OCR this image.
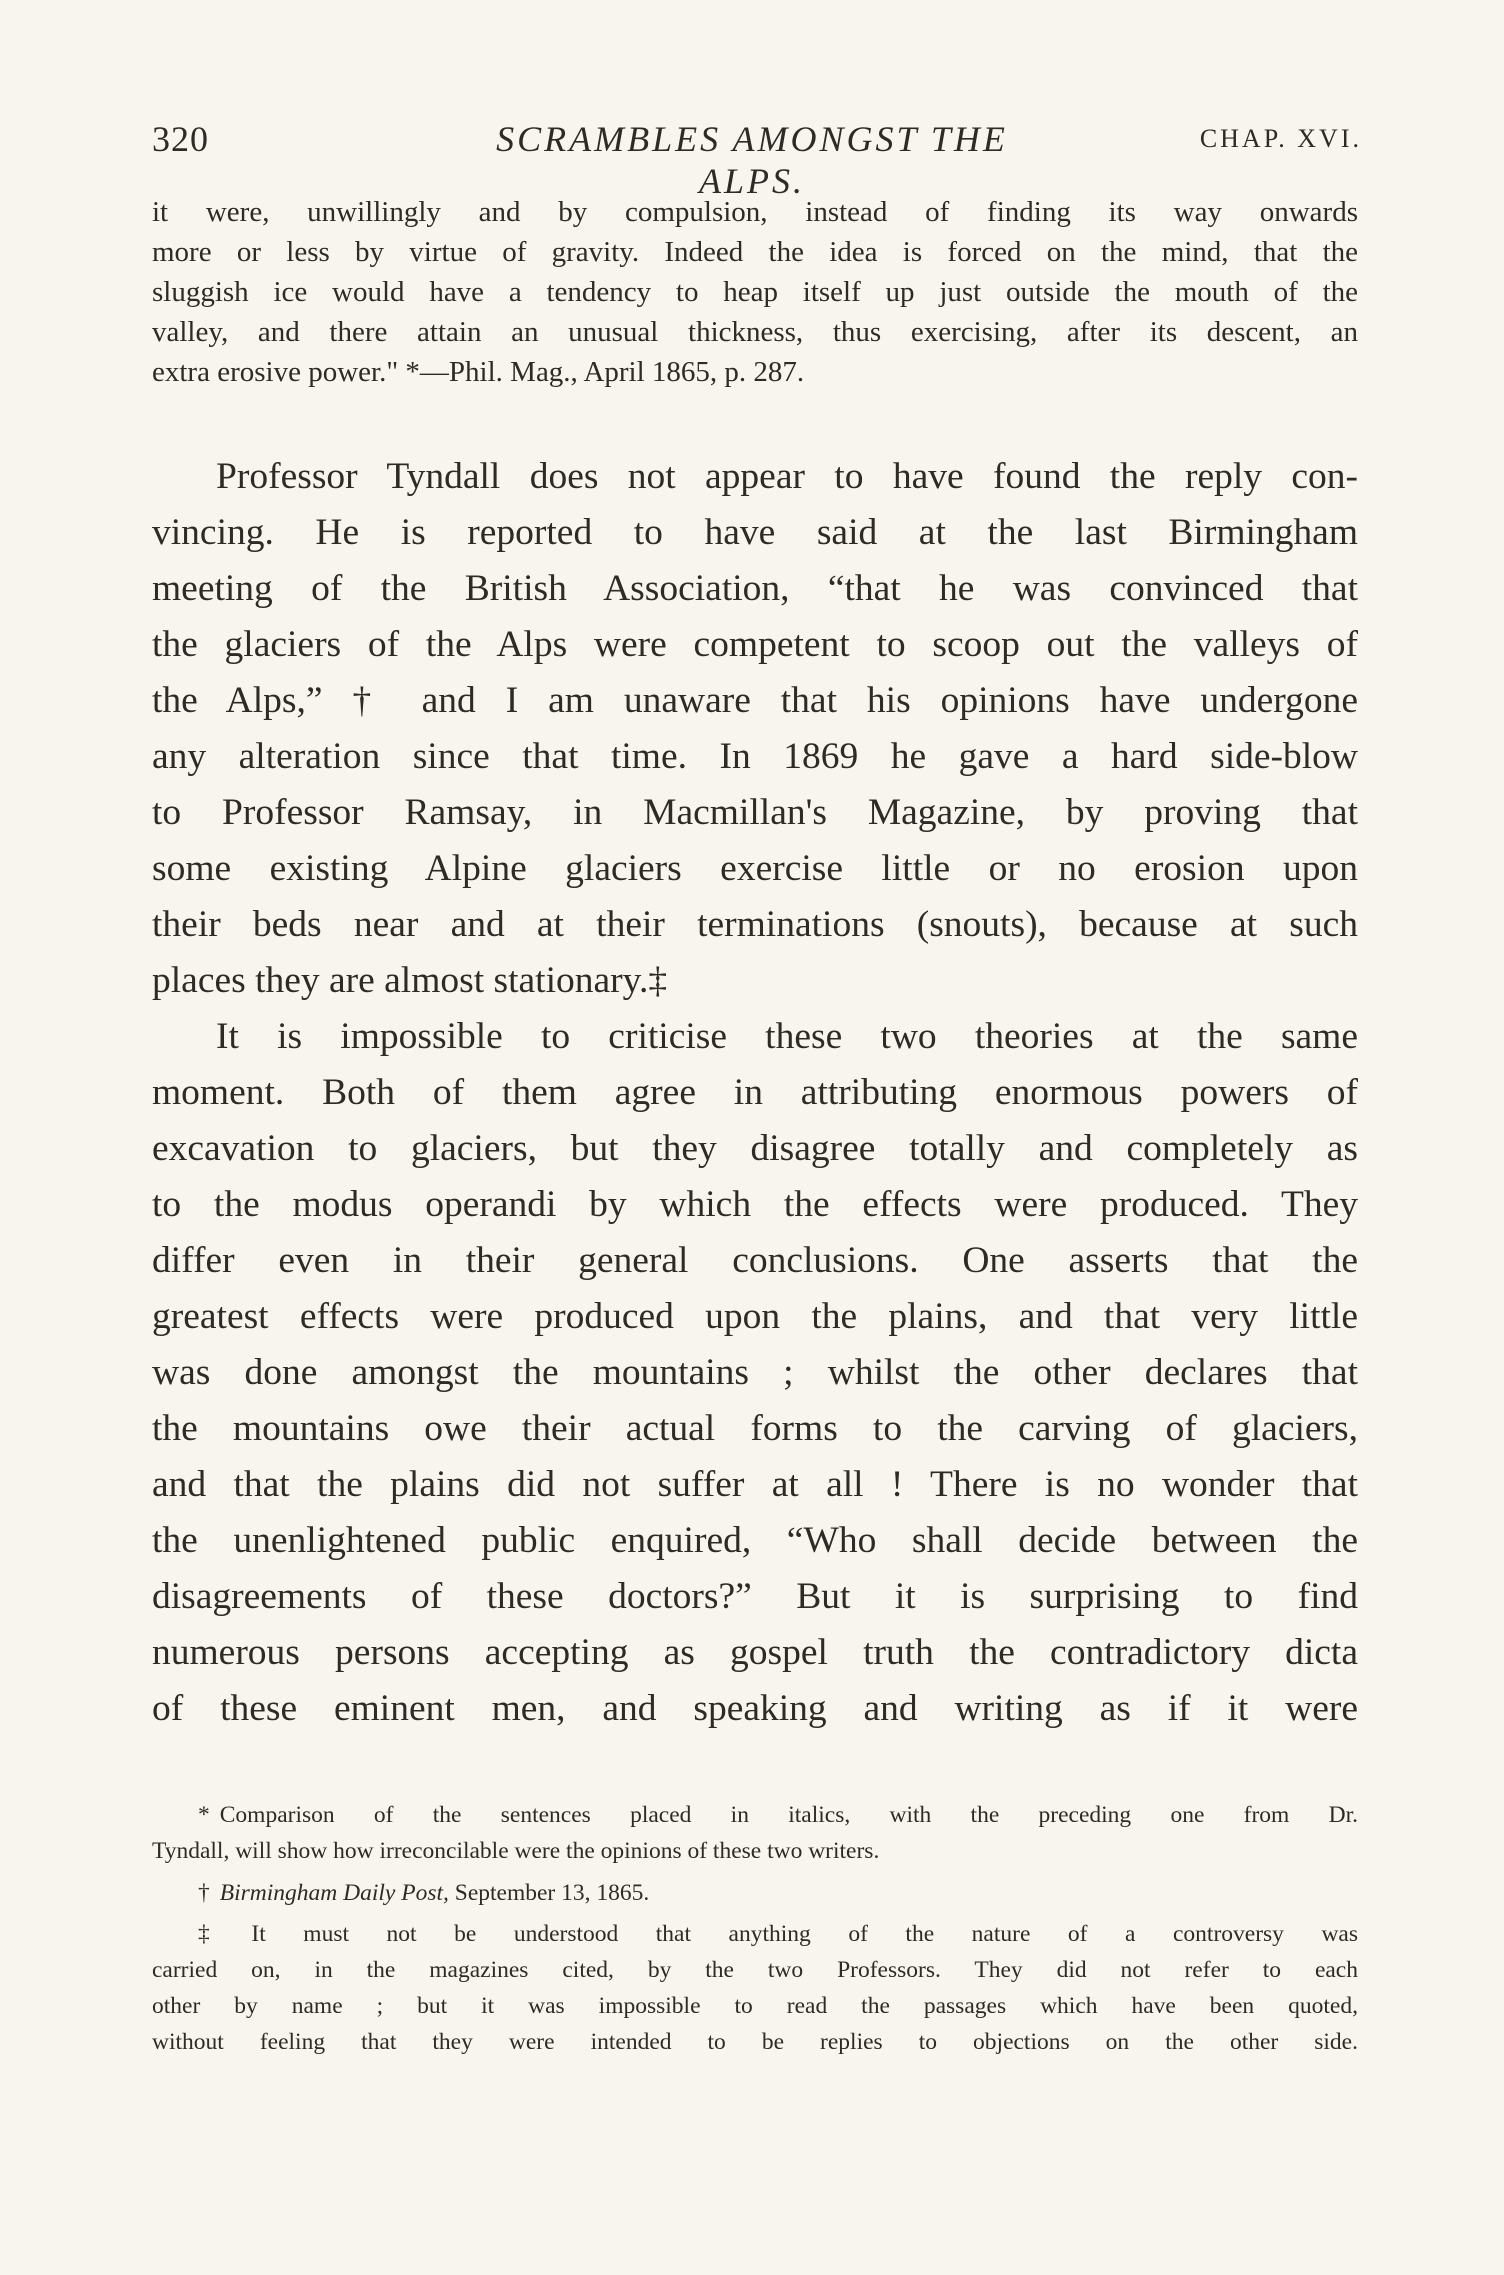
320	SCRAMBLES AMONGST THE ALPS.
CHAP. XVI.
it were, unwillingly and by compulsion, instead of finding its way onwards
more or less by virtue of gravity. Indeed the idea is forced on the mind, that the
sluggish ice would have a tendency to heap itself up just outside the mouth of the
valley, and there attain an unusual thickness, thus exercising, after its descent, an
extra erosive power." *—Phil. Mag., April 1865, p. 287.
Professor Tyndall does not appear to have found the reply con-
vincing. He is reported to have said at the last Birmingham
meeting of the British Association, “that he was convinced that
the glaciers of the Alps were competent to scoop out the valleys of
the Alps,” † and I am unaware that his opinions have undergone
any alteration since that time. In 1869 he gave a hard side-blow
to Professor Ramsay, in Macmillan's Magazine, by proving that
some existing Alpine glaciers exercise little or no erosion upon
their beds near and at their terminations (snouts), because at such
places they are almost stationary.‡
It is impossible to criticise these two theories at the same
moment. Both of them agree in attributing enormous powers of
excavation to glaciers, but they disagree totally and completely as
to the modus operandi by which the effects were produced. They
differ even in their general conclusions. One asserts that the
greatest effects were produced upon the plains, and that very little
was done amongst the mountains ; whilst the other declares that
the mountains owe their actual forms to the carving of glaciers,
and that the plains did not suffer at all ! There is no wonder that
the unenlightened public enquired, “Who shall decide between the
disagreements of these doctors?” But it is surprising to find
numerous persons accepting as gospel truth the contradictory dicta
of these eminent men, and speaking and writing as if it were
* Comparison of the sentences placed in italics, with the preceding one from Dr.
Tyndall, will show how irreconcilable were the opinions of these two writers.
† Birmingham Daily Post, September 13, 1865.
‡ It must not be understood that anything of the nature of a controversy was
carried on, in the magazines cited, by the two Professors. They did not refer to each
other by name ; but it was impossible to read the passages which have been quoted,
without feeling that they were intended to be replies to objections on the other side.
